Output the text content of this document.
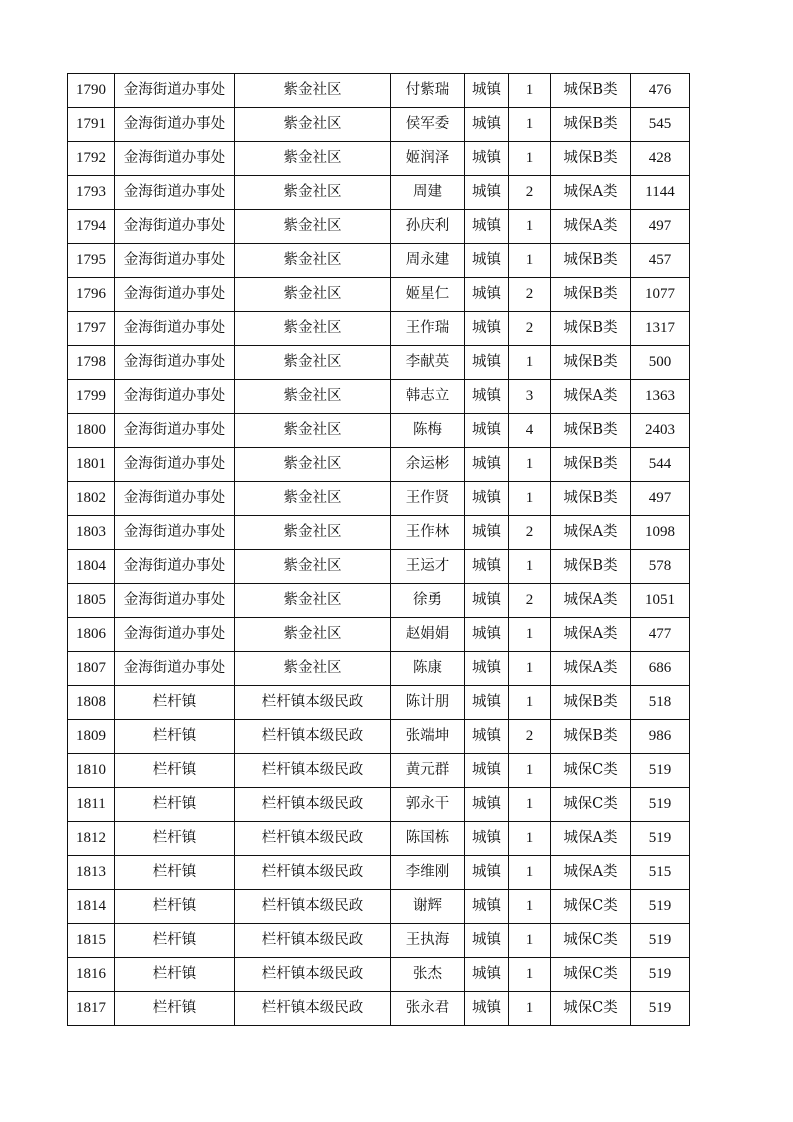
1790	金海街道办事处	紫金社区	付紫瑞	城镇	1	城保B类	476
1791	金海街道办事处	紫金社区	侯军委	城镇	1	城保B类	545
1792	金海街道办事处	紫金社区	姬润泽	城镇	1	城保B类	428
1793	金海街道办事处	紫金社区	周建	城镇	2	城保A类	1144
1794	金海街道办事处	紫金社区	孙庆利	城镇	1	城保A类	497
1795	金海街道办事处	紫金社区	周永建	城镇	1	城保B类	457
1796	金海街道办事处	紫金社区	姬星仁	城镇	2	城保B类	1077
1797	金海街道办事处	紫金社区	王作瑞	城镇	2	城保B类	1317
1798	金海街道办事处	紫金社区	李献英	城镇	1	城保B类	500
1799	金海街道办事处	紫金社区	韩志立	城镇	3	城保A类	1363
1800	金海街道办事处	紫金社区	陈梅	城镇	4	城保B类	2403
1801	金海街道办事处	紫金社区	余运彬	城镇	1	城保B类	544
1802	金海街道办事处	紫金社区	王作贤	城镇	1	城保B类	497
1803	金海街道办事处	紫金社区	王作林	城镇	2	城保A类	1098
1804	金海街道办事处	紫金社区	王运才	城镇	1	城保B类	578
1805	金海街道办事处	紫金社区	徐勇	城镇	2	城保A类	1051
1806	金海街道办事处	紫金社区	赵娟娟	城镇	1	城保A类	477
1807	金海街道办事处	紫金社区	陈康	城镇	1	城保A类	686
1808	栏杆镇	栏杆镇本级民政	陈计朋	城镇	1	城保B类	518
1809	栏杆镇	栏杆镇本级民政	张端坤	城镇	2	城保B类	986
1810	栏杆镇	栏杆镇本级民政	黄元群	城镇	1	城保C类	519
1811	栏杆镇	栏杆镇本级民政	郭永干	城镇	1	城保C类	519
1812	栏杆镇	栏杆镇本级民政	陈国栋	城镇	1	城保A类	519
1813	栏杆镇	栏杆镇本级民政	李维刚	城镇	1	城保A类	515
1814	栏杆镇	栏杆镇本级民政	谢辉	城镇	1	城保C类	519
1815	栏杆镇	栏杆镇本级民政	王执海	城镇	1	城保C类	519
1816	栏杆镇	栏杆镇本级民政	张杰	城镇	1	城保C类	519
1817	栏杆镇	栏杆镇本级民政	张永君	城镇	1	城保C类	519
